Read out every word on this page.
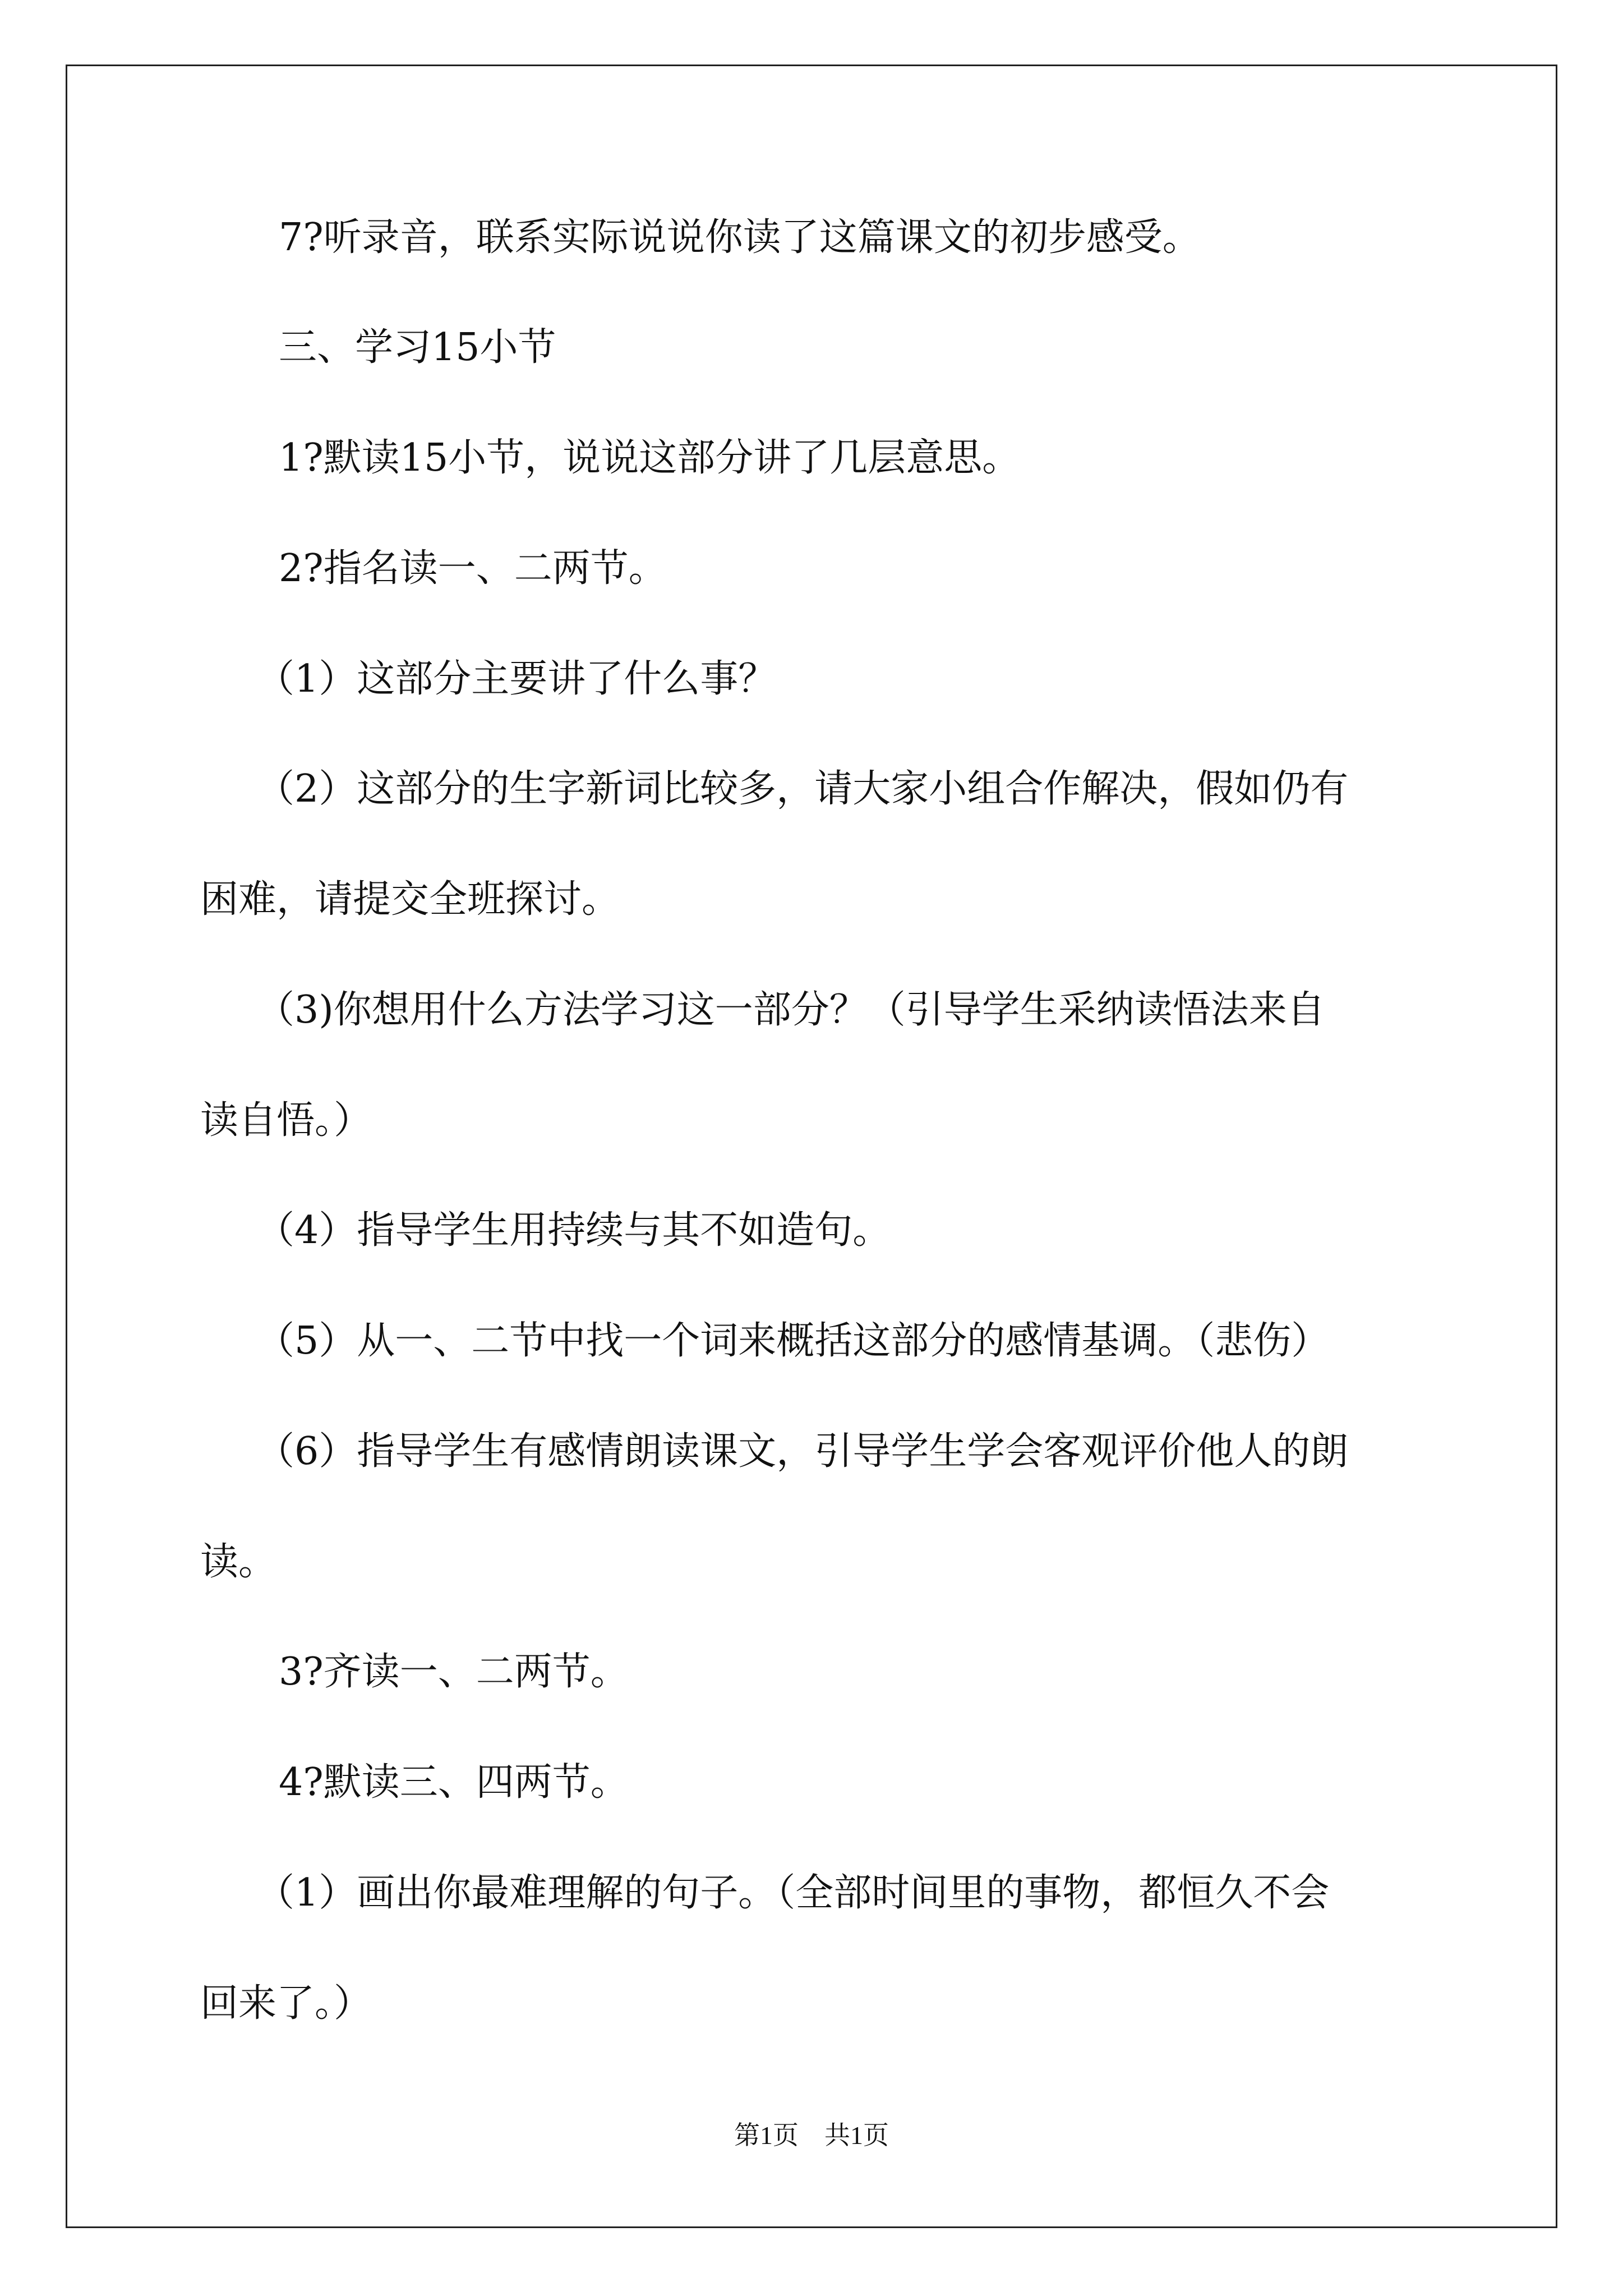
7?听录音，联系实际说说你读了这篇课文的初步感受。

三、学习15小节

1?默读15小节，说说这部分讲了几层意思。

2?指名读一、二两节。

（1）这部分主要讲了什么事？

（2）这部分的生字新词比较多，请大家小组合作解决，假如仍有

困难，请提交全班探讨。

（3)你想用什么方法学习这一部分？（引导学生采纳读悟法来自

读自悟。）

（4）指导学生用持续与其不如造句。

（5）从一、二节中找一个词来概括这部分的感情基调。（悲伤）

（6）指导学生有感情朗读课文，引导学生学会客观评价他人的朗

读。

3?齐读一、二两节。

4?默读三、四两节。

（1）画出你最难理解的句子。（全部时间里的事物，都恒久不会

回来了。）

第1页　共1页
